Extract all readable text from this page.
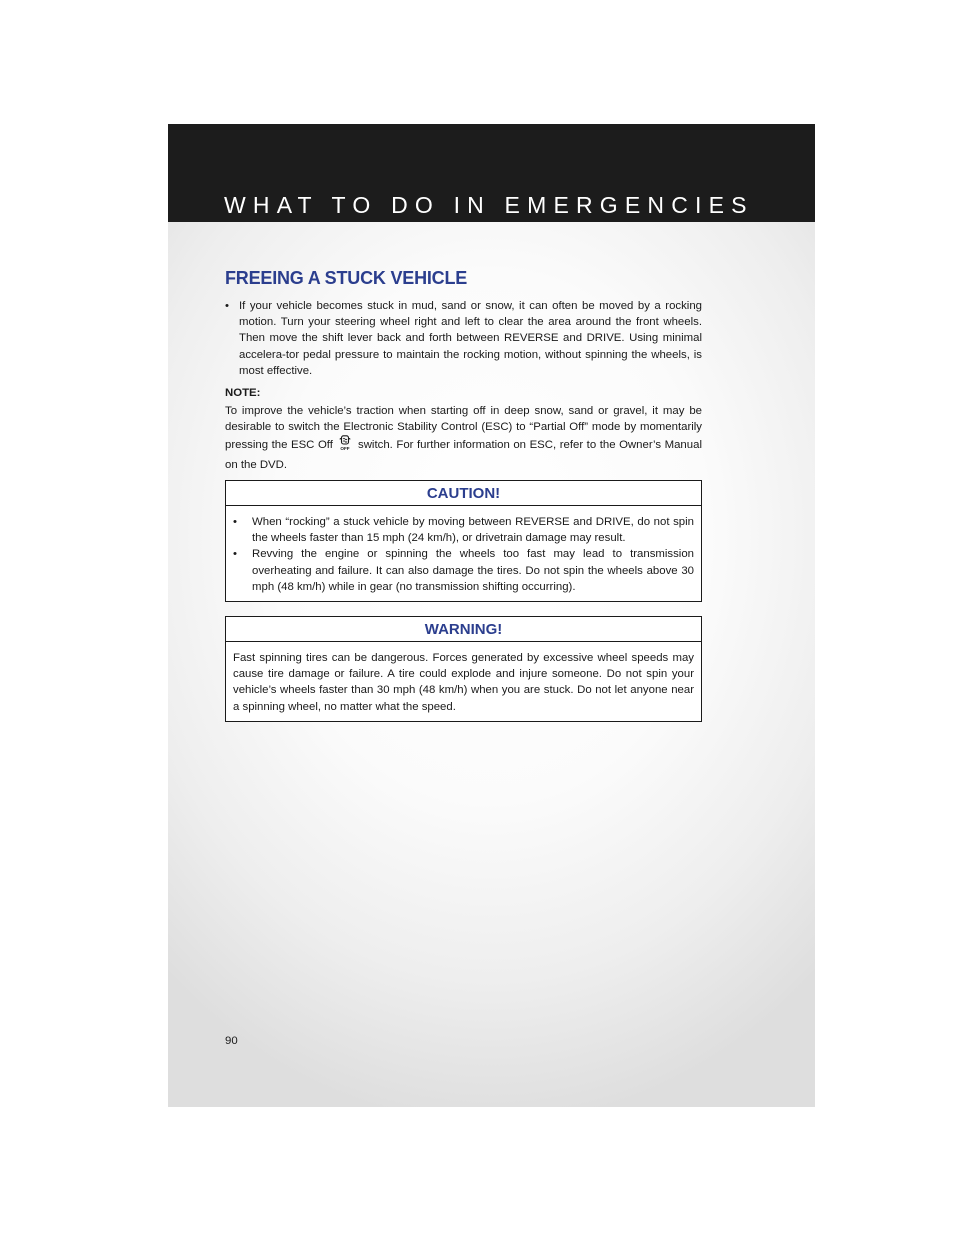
WHAT TO DO IN EMERGENCIES
FREEING A STUCK VEHICLE
• If your vehicle becomes stuck in mud, sand or snow, it can often be moved by a rocking motion. Turn your steering wheel right and left to clear the area around the front wheels. Then move the shift lever back and forth between REVERSE and DRIVE. Using minimal accelera-tor pedal pressure to maintain the rocking motion, without spinning the wheels, is most effective.
NOTE:
To improve the vehicle’s traction when starting off in deep snow, sand or gravel, it may be desirable to switch the Electronic Stability Control (ESC) to “Partial Off” mode by momentarily pressing the ESC Off OFF switch. For further information on ESC, refer to the Owner’s Manual on the DVD.
CAUTION!
• When “rocking” a stuck vehicle by moving between REVERSE and DRIVE, do not spin the wheels faster than 15 mph (24 km/h), or drivetrain damage may result.
• Revving the engine or spinning the wheels too fast may lead to transmission overheating and failure. It can also damage the tires. Do not spin the wheels above 30 mph (48 km/h) while in gear (no transmission shifting occurring).
WARNING!
Fast spinning tires can be dangerous. Forces generated by excessive wheel speeds may cause tire damage or failure. A tire could explode and injure someone. Do not spin your vehicle’s wheels faster than 30 mph (48 km/h) when you are stuck. Do not let anyone near a spinning wheel, no matter what the speed.
90
